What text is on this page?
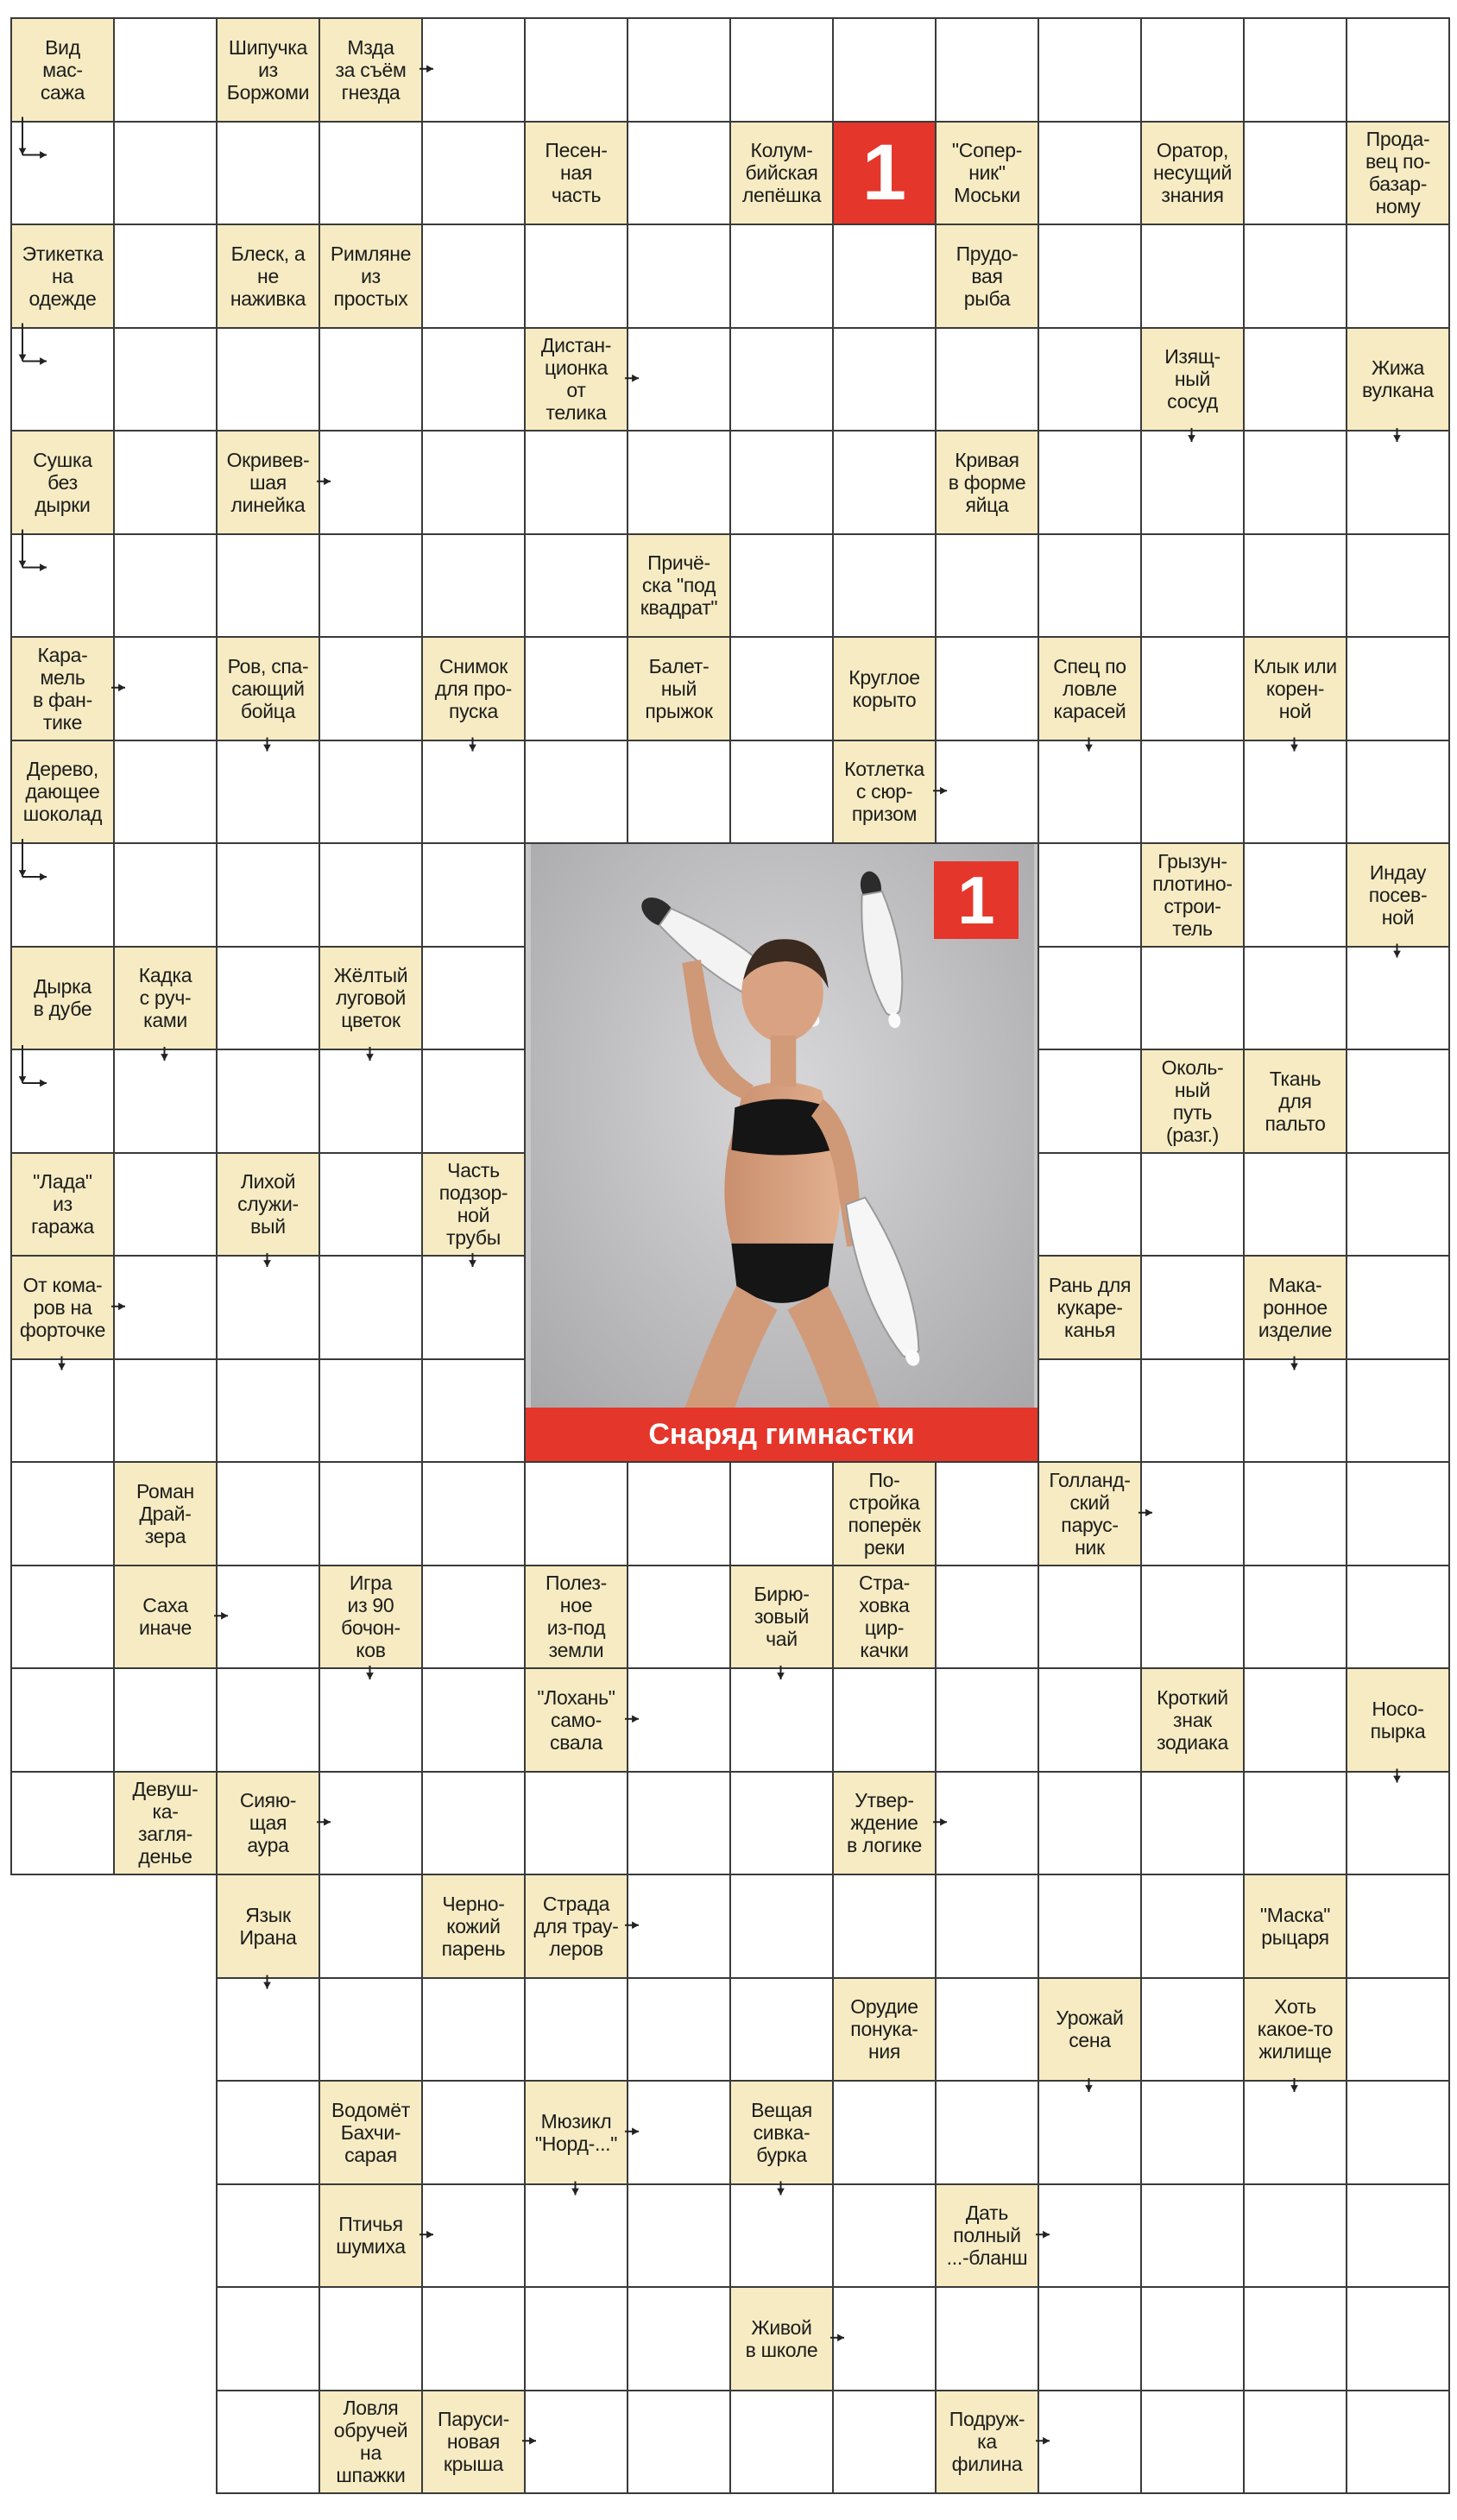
Вид
мас-
сажа
Шипучка
из
Боржоми
Мзда
за съём
гнезда
Песен-
ная
часть
Колум-
бийская
лепёшка 1 "Сопер-
ник"
Моськи
Оратор,
несущий
знания
Прода-
вец по-
базар-
ному
Этикетка
на
одежде
Блеск, а
не
наживка
Римляне
из
простых
Прудо-
вая
рыба
Дистан-
ционка
от
телика
Изящ-
ный
сосуд
Жижа
вулкана
Сушка
без
дырки
Окривев-
шая
линейка
Кривая
в форме
яйца
Причё-
ска "под
квадрат"
Кара-
мель
в фан-
тике
Ров, спа-
сающий
бойца
Снимок
для про-
пуска
Балет-
ный
прыжок
Круглое
корыто
Спец по
ловле
карасей
Клык или
корен-
ной
Дерево,
дающее
шоколад
Котлетка
с сюр-
призом
Грызун-
плотино-
строи-
тель
Индау
посев-
ной
Дырка
в дубе
Кадка
с руч-
ками
Жёлтый
луговой
цветок
Околь-
ный
путь
(разг.)
Ткань
для
пальто
"Лада"
из
гаража
Лихой
служи-
вый
Часть
подзор-
ной
трубы
От кома-
ров на
форточке
Рань для
кукаре-
канья
Мака-
ронное
изделие
Роман
Драй-
зера
По-
стройка
поперёк
реки
Голланд-
ский
парус-
ник
Саха
иначе
Игра
из 90
бочон-
ков
Полез-
ное
из-под
земли
Бирю-
зовый
чай
Стра-
ховка
цир-
качки
"Лохань"
само-
свала
Кроткий
знак
зодиака
Носо-
пырка
Девуш-
ка-
загля-
денье
Сияю-
щая
аура
Утвер-
ждение
в логике
Язык
Ирана
Черно-
кожий
парень
Страда
для трау-
леров
"Маска"
рыцаря
Орудие
понука-
ния
Урожай
сена
Хоть
какое-то
жилище
Водомёт
Бахчи-
сарая
Мюзикл
"Норд-..."
Вещая
сивка-
бурка
Птичья
шумиха
Дать
полный
...-бланш
Живой
в школе
Ловля
обручей
на
шпажки
Паруси-
новая
крыша
Подруж-
ка
филина
1
Снаряд гимнастки
